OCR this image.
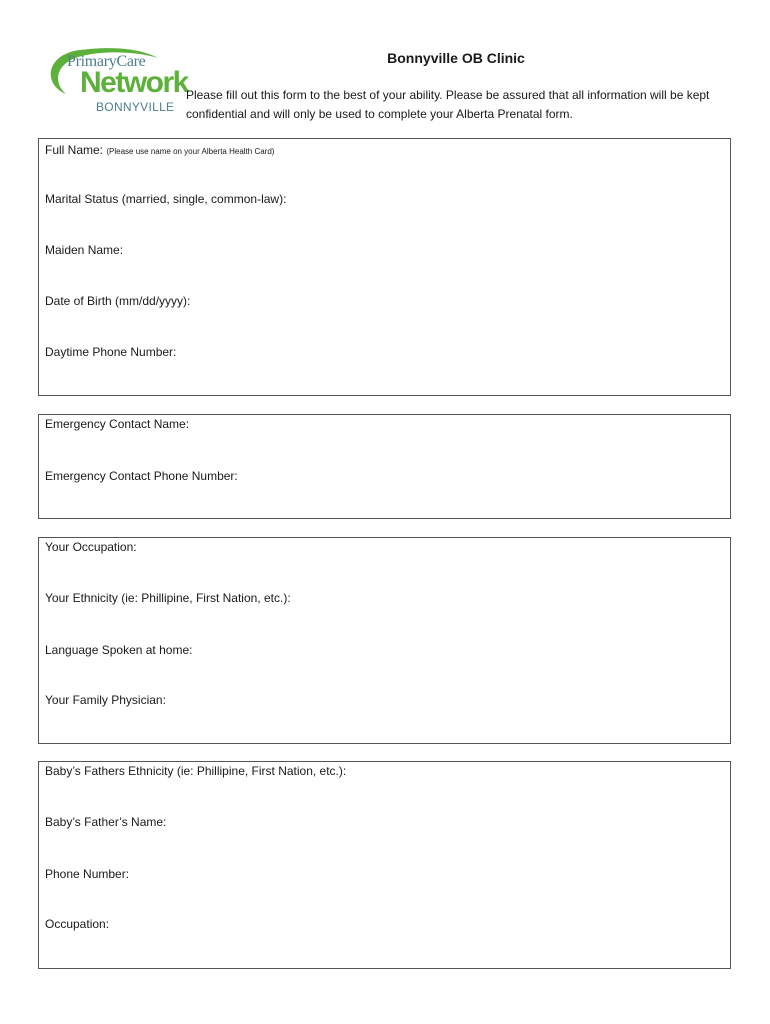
PrimaryCare
Network
BONNYVILLE
Bonnyville OB Clinic

Please fill out this form to the best of your ability. Please be assured that all information will be kept confidential and will only be used to complete your Alberta Prenatal form.

Full Name: (Please use name on your Alberta Health Card)

Marital Status (married, single, common-law):

Maiden Name:

Date of Birth (mm/dd/yyyy):

Daytime Phone Number:

Emergency Contact Name:

Emergency Contact Phone Number:

Your Occupation:

Your Ethnicity (ie: Phillipine, First Nation, etc.):

Language Spoken at home:

Your Family Physician:

Baby’s Fathers Ethnicity (ie: Phillipine, First Nation, etc.):

Baby’s Father’s Name:

Phone Number:

Occupation:
